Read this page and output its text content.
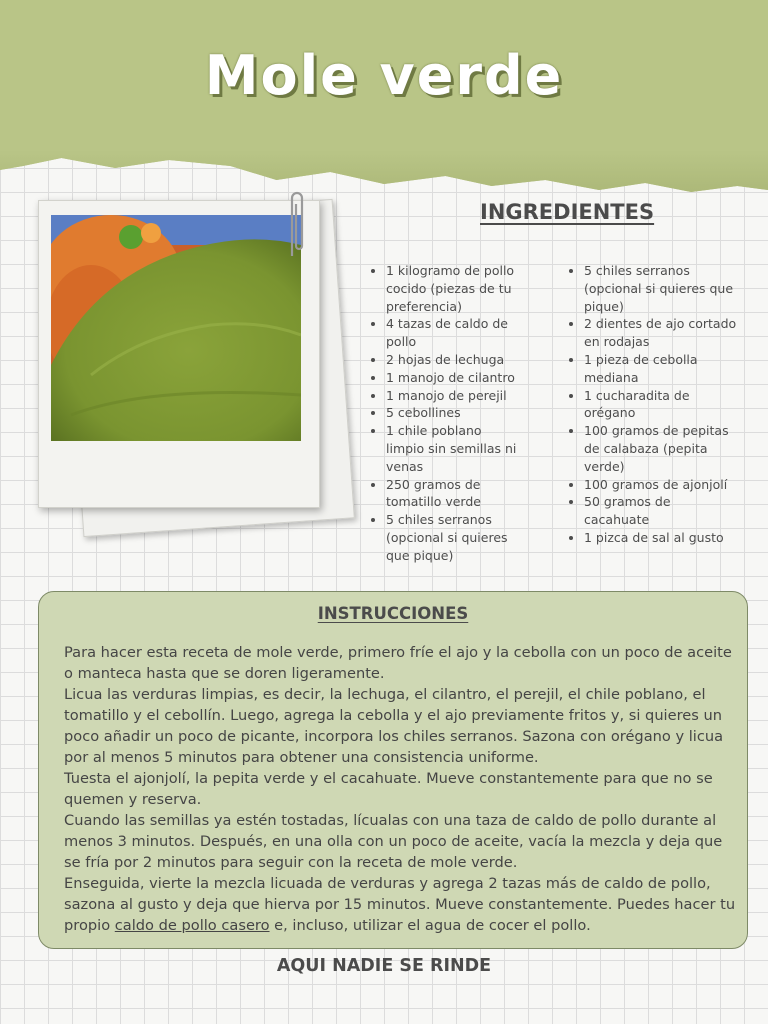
Mole verde
INGREDIENTES
• 1 kilogramo de pollo cocido (piezas de tu preferencia)
• 4 tazas de caldo de pollo
• 2 hojas de lechuga
• 1 manojo de cilantro
• 1 manojo de perejil
• 5 cebollines
• 1 chile poblano limpio sin semillas ni venas
• 250 gramos de tomatillo verde
• 5 chiles serranos (opcional si quieres que pique)
• 5 chiles serranos (opcional si quieres que pique)
• 2 dientes de ajo cortado en rodajas
• 1 pieza de cebolla mediana
• 1 cucharadita de orégano
• 100 gramos de pepitas de calabaza (pepita verde)
• 100 gramos de ajonjolí
• 50 gramos de cacahuate
• 1 pizca de sal al gusto
INSTRUCCIONES

Para hacer esta receta de mole verde, primero fríe el ajo y la cebolla con un poco de aceite o manteca hasta que se doren ligeramente.

Licua las verduras limpias, es decir, la lechuga, el cilantro, el perejil, el chile poblano, el tomatillo y el cebollín. Luego, agrega la cebolla y el ajo previamente fritos y, si quieres un poco añadir un poco de picante, incorpora los chiles serranos. Sazona con orégano y licua por al menos 5 minutos para obtener una consistencia uniforme.

Tuesta el ajonjolí, la pepita verde y el cacahuate. Mueve constantemente para que no se quemen y reserva.

Cuando las semillas ya estén tostadas, lícualas con una taza de caldo de pollo durante al menos 3 minutos. Después, en una olla con un poco de aceite, vacía la mezcla y deja que se fría por 2 minutos para seguir con la receta de mole verde.

Enseguida, vierte la mezcla licuada de verduras y agrega 2 tazas más de caldo de pollo, sazona al gusto y deja que hierva por 15 minutos. Mueve constantemente. Puedes hacer tu propio caldo de pollo casero e, incluso, utilizar el agua de cocer el pollo.

AQUI NADIE SE RINDE
